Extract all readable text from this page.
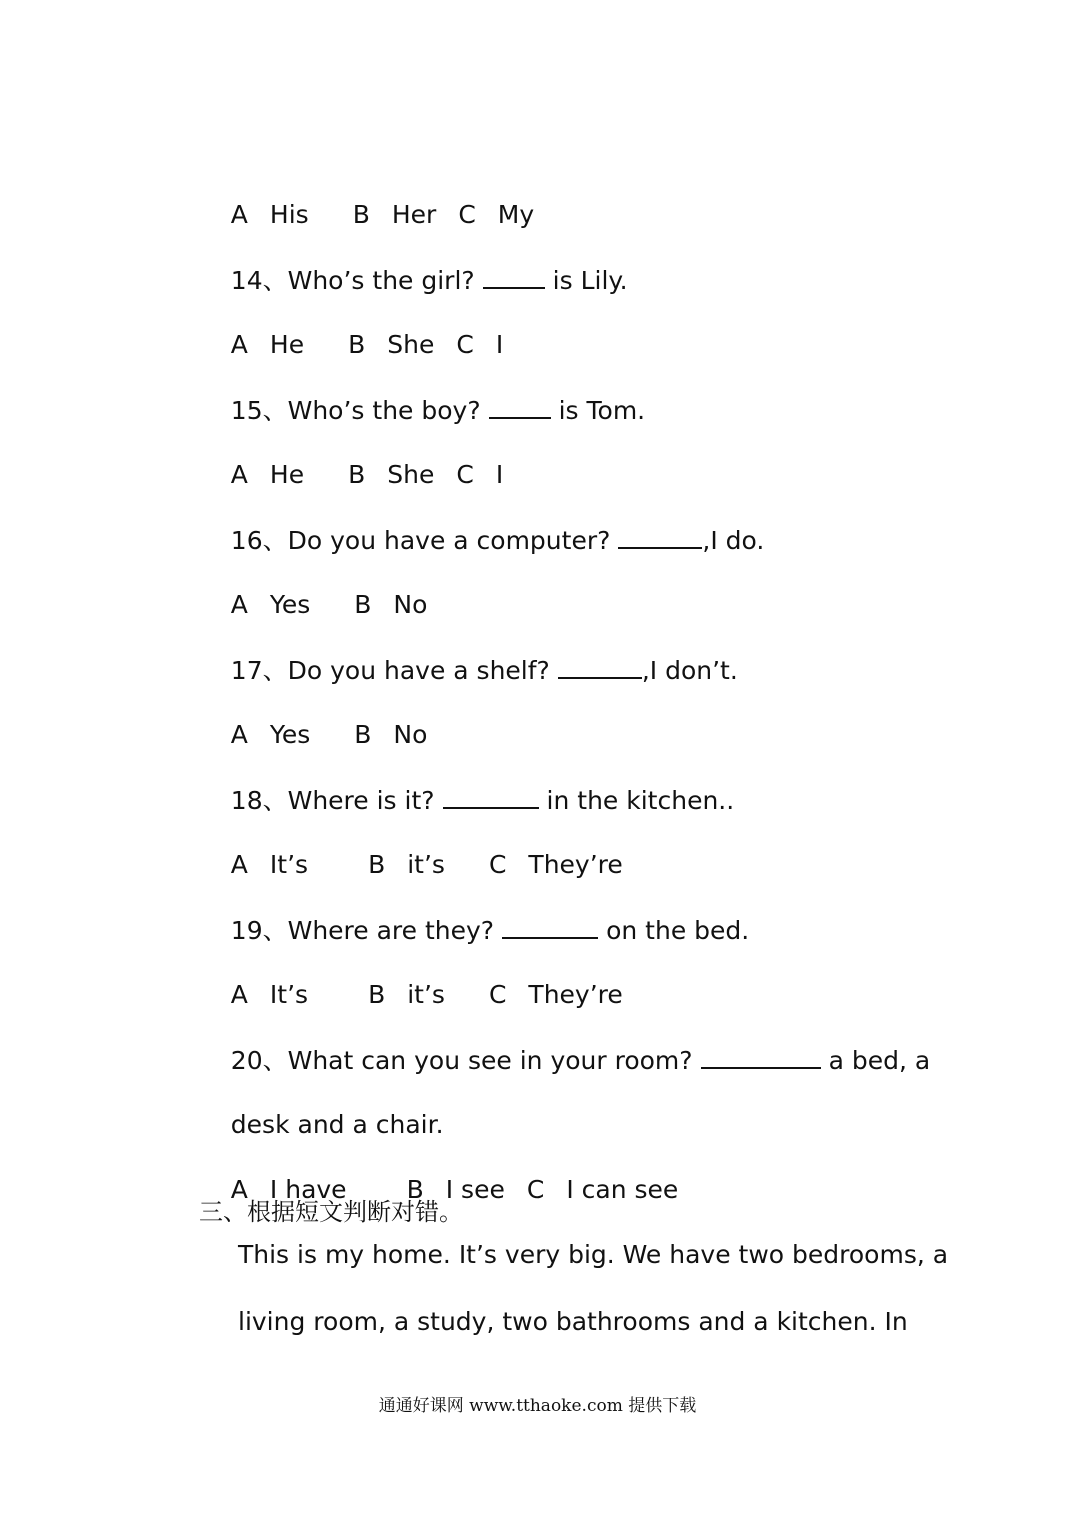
A His B Her C My

14、Who’s the girl?	is Lily.

A He B She C I

15、Who’s the boy?	is Tom.

A He B She C I

16、Do you have a computer?	,I do.

A Yes B No

17、Do you have a shelf?	,I don’t.

A Yes B No

18、Where is it?	in the kitchen..

A It’s B it’s C They’re

19、Where are they?	on the bed.

A It’s B it’s C They’re

20、What can you see in your room?	a bed, a

desk and a chair.

A I have B I see C I can see

三、根据短文判断对错。
This is my home. It’s very big. We have two bedrooms, a
living room, a study, two bathrooms and a kitchen. In
通通好课网 www.tthaoke.com 提供下载
